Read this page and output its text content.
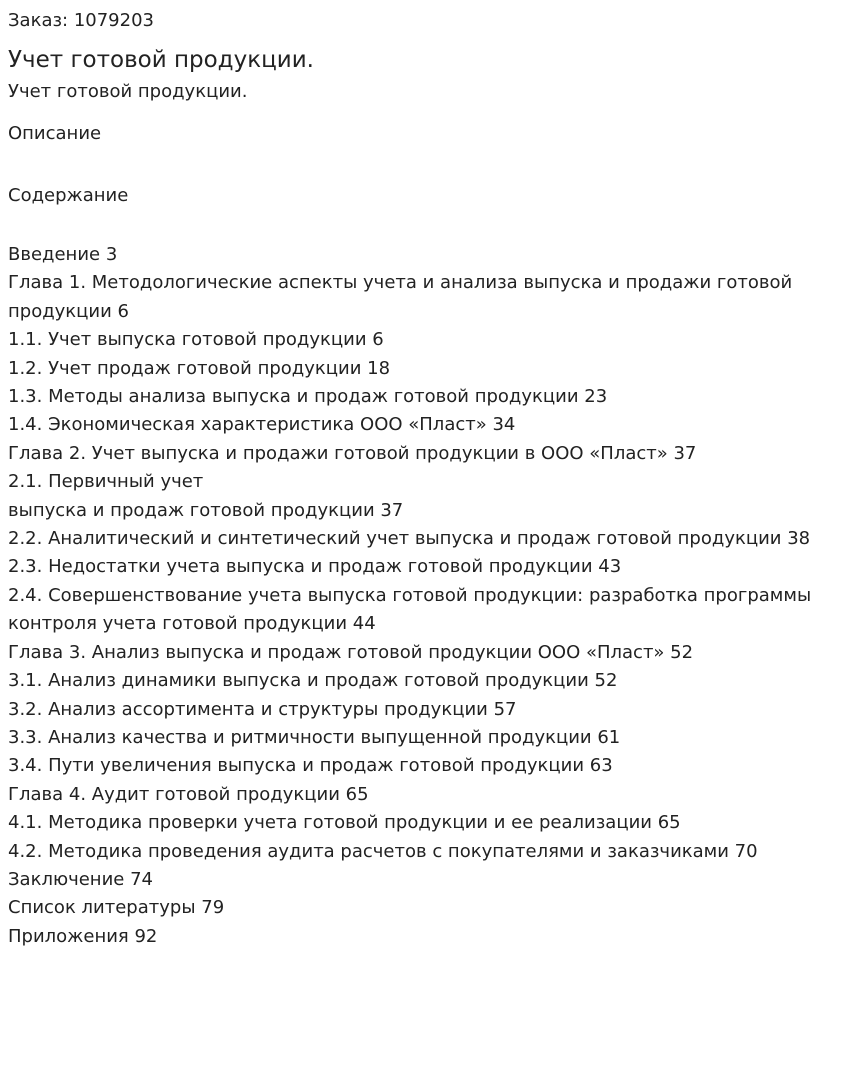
Заказ: 1079203
Учет готовой продукции.
Учет готовой продукции.
Описание
Содержание
Введение 3
Глава 1. Методологические аспекты учета и анализа выпуска и продажи готовой продукции 6
1.1. Учет выпуска готовой продукции 6
1.2. Учет продаж готовой продукции 18
1.3. Методы анализа выпуска и продаж готовой продукции 23
1.4. Экономическая характеристика ООО «Пласт» 34
Глава 2. Учет выпуска и продажи готовой продукции в ООО «Пласт» 37
2.1. Первичный учет
выпуска и продаж готовой продукции 37
2.2. Аналитический и синтетический учет выпуска и продаж готовой продукции 38
2.3. Недостатки учета выпуска и продаж готовой продукции 43
2.4. Совершенствование учета выпуска готовой продукции: разработка программы контроля учета готовой продукции 44
Глава 3. Анализ выпуска и продаж готовой продукции ООО «Пласт» 52
3.1. Анализ динамики выпуска и продаж готовой продукции 52
3.2. Анализ ассортимента и структуры продукции 57
3.3. Анализ качества и ритмичности выпущенной продукции 61
3.4. Пути увеличения выпуска и продаж готовой продукции 63
Глава 4. Аудит готовой продукции 65
4.1. Методика проверки учета готовой продукции и ее реализации 65
4.2. Методика проведения аудита расчетов с покупателями и заказчиками 70
Заключение 74
Список литературы 79
Приложения 92
